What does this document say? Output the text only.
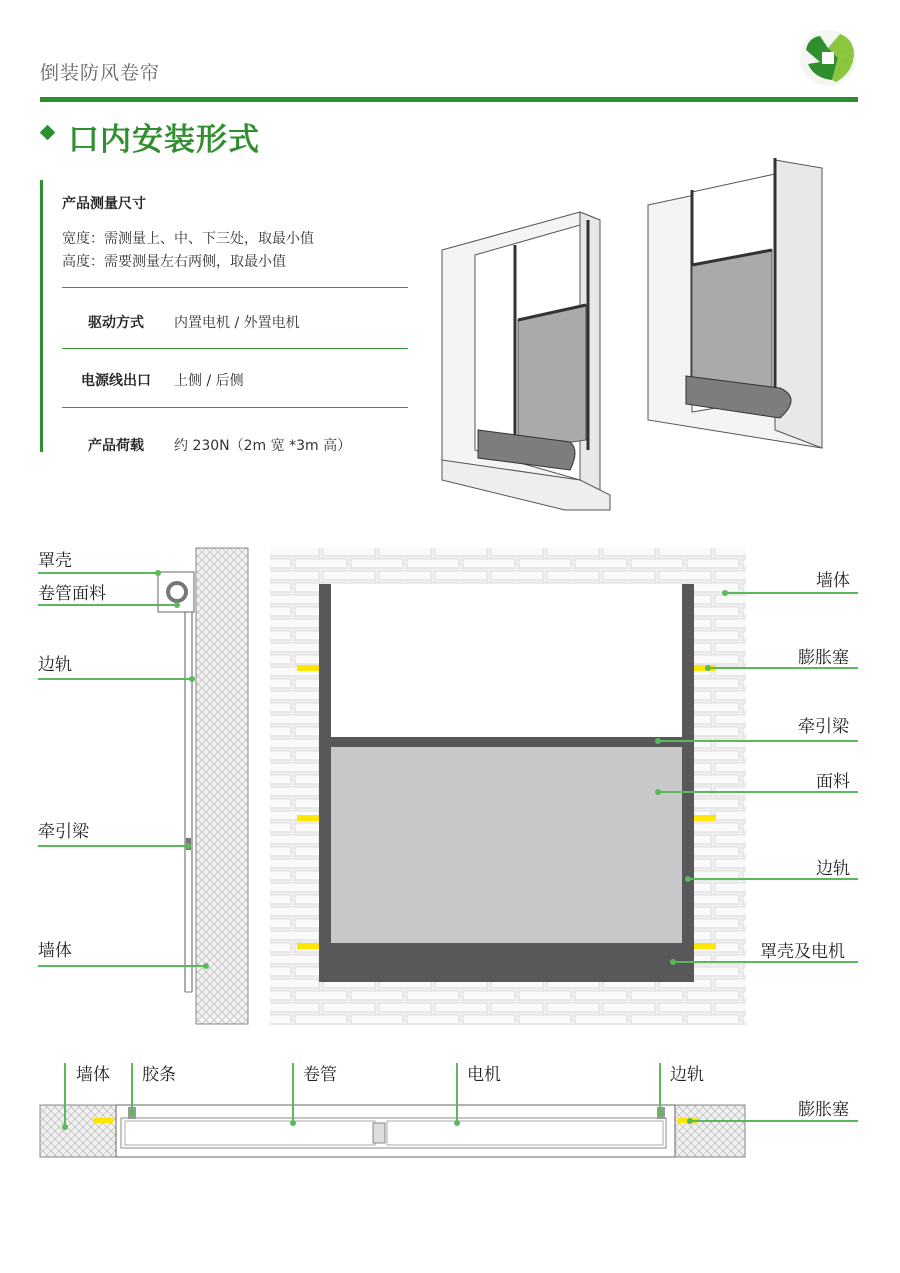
倒装防风卷帘
口内安装形式
产品测量尺寸
宽度：需测量上、中、下三处，取最小值
高度：需要测量左右两侧，取最小值
驱动方式	内置电机 / 外置电机
电源线出口	上侧 / 后侧
产品荷载	约 230N（2m 宽 *3m 高）
罩壳
卷管面料
边轨
牵引梁
墙体
墙体
膨胀塞
牵引梁
面料
边轨
罩壳及电机
墙体 胶条	卷管	电机	边轨
膨胀塞
